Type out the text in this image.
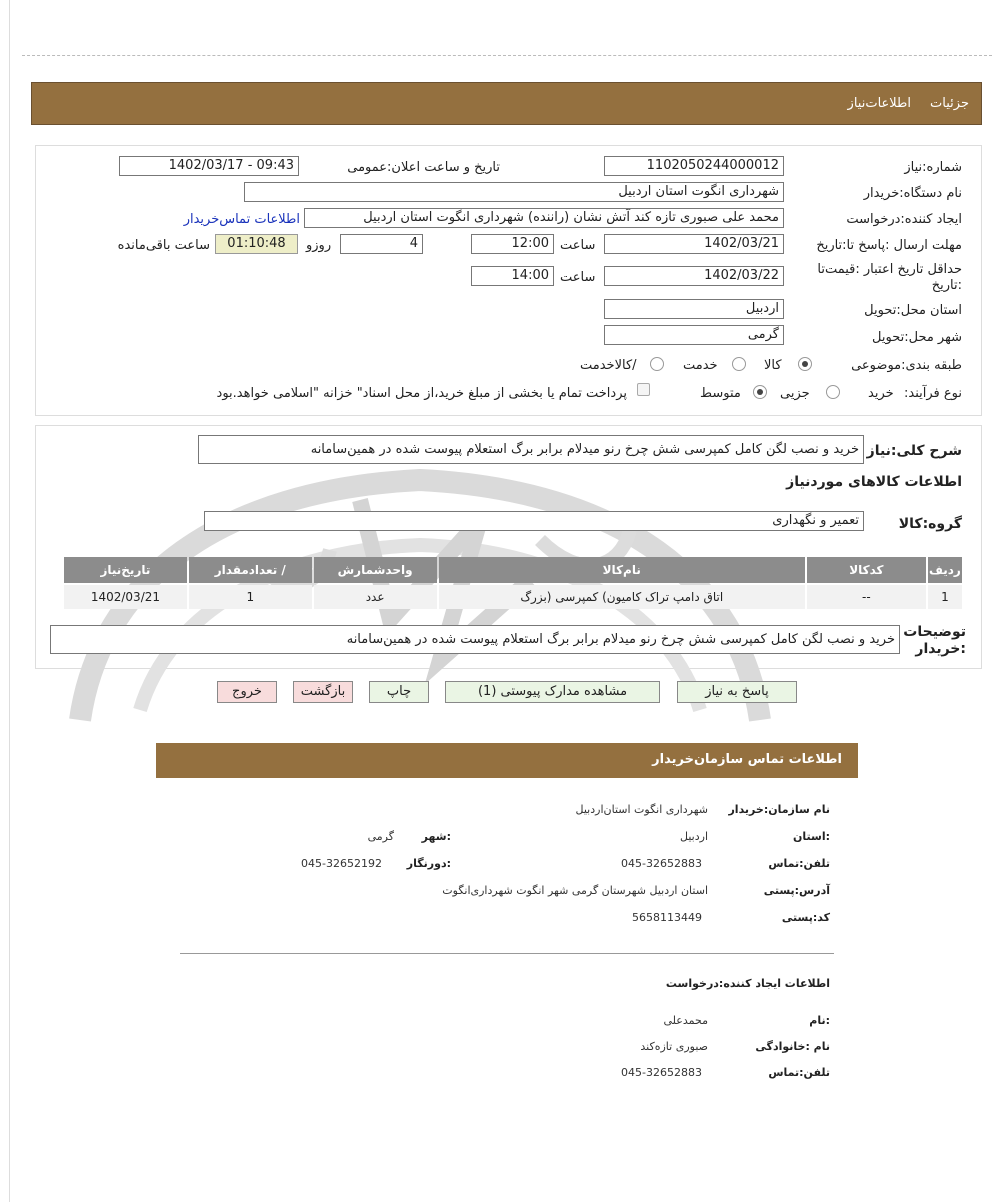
جزئیات
اطلاعات‌نیاز
شماره:نیاز
1102050244000012
تاریخ و ساعت اعلان:عمومی
1402/03/17 - 09:43
نام دستگاه:خریدار
شهرداری انگوت استان اردبیل
ایجاد کننده:درخواست
محمد علی صبوری تازه کند آتش نشان (راننده) شهرداری انگوت استان اردبیل
اطلاعات تماس‌خریدار
مهلت ارسال :پاسخ تا:تاریخ
1402/03/21
ساعت
12:00
4
روزو
01:10:48
ساعت باقی‌مانده
حداقل تاریخ اعتبار :قیمت‌تا
:تاریخ
1402/03/22
ساعت
14:00
استان محل:تحویل
اردبیل
شهر محل:تحویل
گرمی
طبقه بندی:موضوعی
کالا
خدمت
/کالاخدمت
نوع فرآیند:
خرید
جزیی
متوسط
پرداخت تمام یا بخشی از مبلغ خرید،از محل اسناد" خزانه "اسلامی خواهد.بود
شرح کلی:نیاز
خرید و نصب لگن کامل کمپرسی شش چرخ رنو میدلام برابر برگ استعلام پیوست شده در همین‌سامانه
اطلاعات کالاهای موردنیاز
گروه:کالا
تعمیر و نگهداری
ردیف	کدکالا	نام‌کالا	واحدشمارش	/ تعدادمقدار	تاریخ‌نیاز
1	--	اتاق دامپ تراک کامیون) کمپرسی (بزرگ	عدد	1	1402/03/21
توضیحات
:خریدار
خرید و نصب لگن کامل کمپرسی شش چرخ رنو میدلام برابر برگ استعلام پیوست شده در همین‌سامانه
پاسخ به نیاز
مشاهده مدارک پیوستی (1)
چاپ
بازگشت
خروج
اطلاعات تماس سازمان‌خریدار
نام سازمان:خریدار
شهرداری انگوت استان‌اردبیل
:استان
اردبیل
:شهر
گرمی
تلفن:تماس
045-32652883
:دورنگار
045-32652192
آدرس:پستی
استان اردبیل شهرستان گرمی شهر انگوت شهرداری‌انگوت
کد:پستی
5658113449
اطلاعات ایجاد کننده:درخواست
:نام
محمدعلی
نام :خانوادگی
صبوری تازه‌کند
تلفن:تماس
045-32652883
